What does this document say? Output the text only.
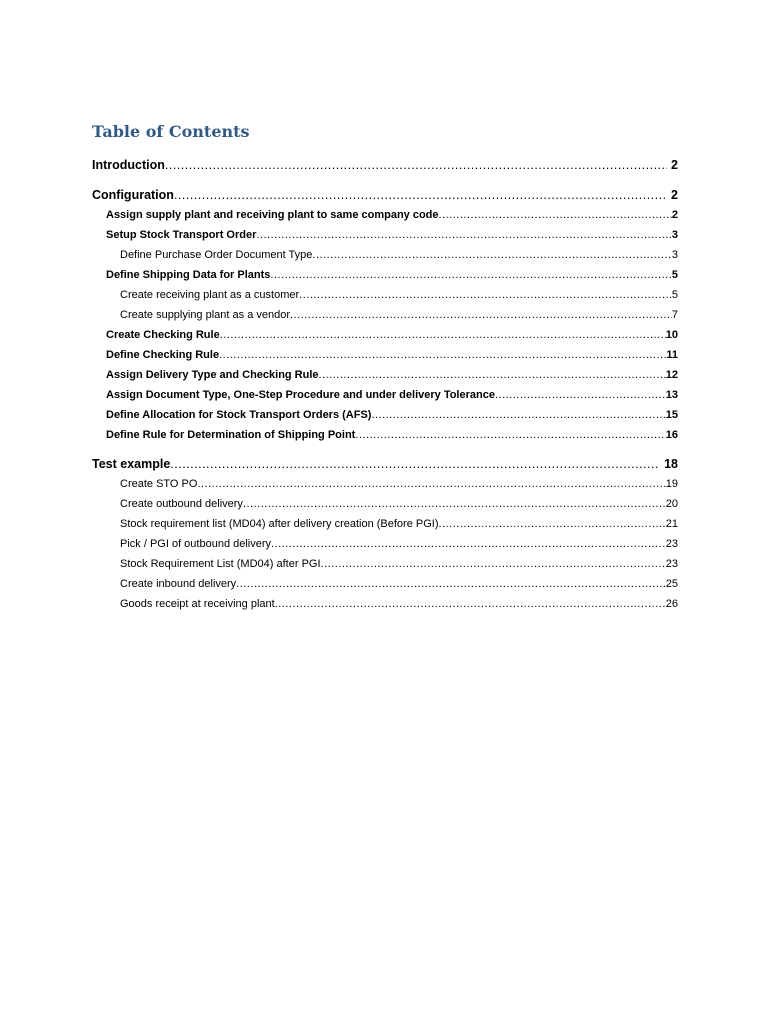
Table of Contents
Introduction .....	2
Configuration .....	2
Assign supply plant and receiving plant to same company code .....	2
Setup Stock Transport Order .....	3
Define Purchase Order Document Type .....	3
Define Shipping Data for Plants .....	5
Create receiving plant as a customer .....	5
Create supplying plant as a vendor .....	7
Create Checking Rule .....	10
Define Checking Rule .....	11
Assign Delivery Type and Checking Rule .....	12
Assign Document Type, One-Step Procedure and under delivery Tolerance .....	13
Define Allocation for Stock Transport Orders (AFS) .....	15
Define Rule for Determination of Shipping Point .....	16
Test example .....	18
Create STO PO .....	19
Create outbound delivery .....	20
Stock requirement list (MD04) after delivery creation (Before PGI) .....	21
Pick / PGI of outbound delivery .....	23
Stock Requirement List (MD04) after PGI .....	23
Create inbound delivery .....	25
Goods receipt at receiving plant .....	26
